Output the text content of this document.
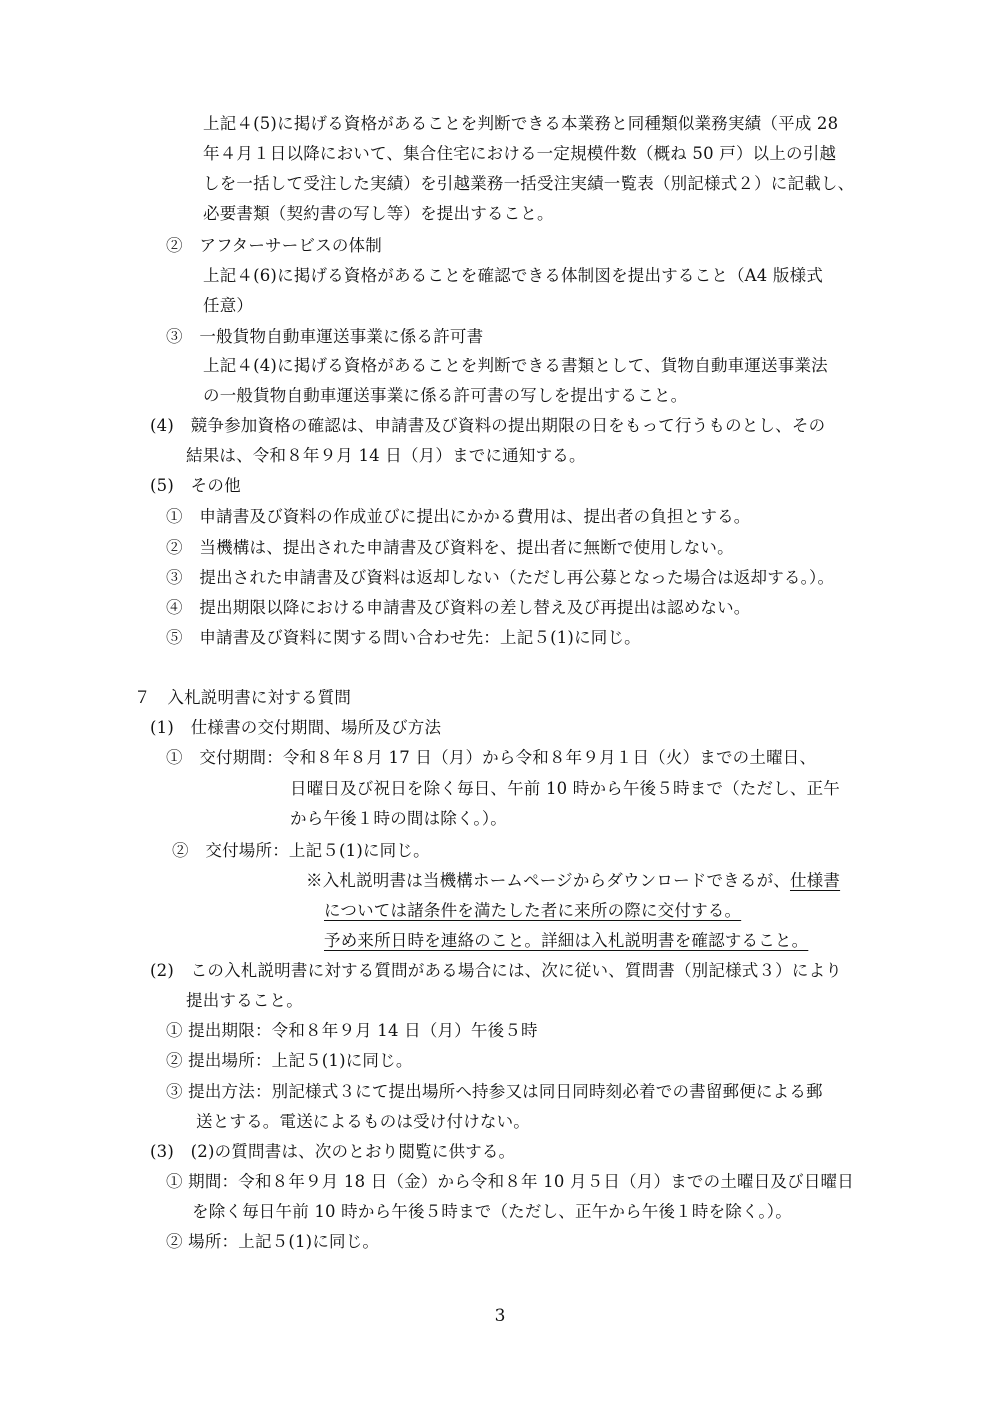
上記４(5)に掲げる資格があることを判断できる本業務と同種類似業務実績（平成 28
年４月１日以降において、集合住宅における一定規模件数（概ね 50 戸）以上の引越
しを一括して受注した実績）を引越業務一括受注実績一覧表（別記様式２）に記載し、
必要書類（契約書の写し等）を提出すること。
②　アフターサービスの体制
上記４(6)に掲げる資格があることを確認できる体制図を提出すること（A4 版様式
任意）
③　一般貨物自動車運送事業に係る許可書
上記４(4)に掲げる資格があることを判断できる書類として、貨物自動車運送事業法
の一般貨物自動車運送事業に係る許可書の写しを提出すること。
(4)　競争参加資格の確認は、申請書及び資料の提出期限の日をもって行うものとし、その
結果は、令和８年９月 14 日（月）までに通知する。
(5)　その他
①　申請書及び資料の作成並びに提出にかかる費用は、提出者の負担とする。
②　当機構は、提出された申請書及び資料を、提出者に無断で使用しない。
③　提出された申請書及び資料は返却しない（ただし再公募となった場合は返却する。）。
④　提出期限以降における申請書及び資料の差し替え及び再提出は認めない。
⑤　申請書及び資料に関する問い合わせ先：上記５(1)に同じ。
７　入札説明書に対する質問
(1)　仕様書の交付期間、場所及び方法
①　交付期間：令和８年８月 17 日（月）から令和８年９月１日（火）までの土曜日、
日曜日及び祝日を除く毎日、午前 10 時から午後５時まで（ただし、正午
から午後１時の間は除く。）。
②　交付場所：上記５(1)に同じ。
※入札説明書は当機構ホームページからダウンロードできるが、仕様書
については諸条件を満たした者に来所の際に交付する。
予め来所日時を連絡のこと。詳細は入札説明書を確認すること。
(2)　この入札説明書に対する質問がある場合には、次に従い、質問書（別記様式３）により
提出すること。
① 提出期限：令和８年９月 14 日（月）午後５時
② 提出場所：上記５(1)に同じ。
③ 提出方法：別記様式３にて提出場所へ持参又は同日同時刻必着での書留郵便による郵
送とする。電送によるものは受け付けない。
(3)　(2)の質問書は、次のとおり閲覧に供する。
① 期間：令和８年９月 18 日（金）から令和８年 10 月５日（月）までの土曜日及び日曜日
を除く毎日午前 10 時から午後５時まで（ただし、正午から午後１時を除く。）。
② 場所：上記５(1)に同じ。
3
